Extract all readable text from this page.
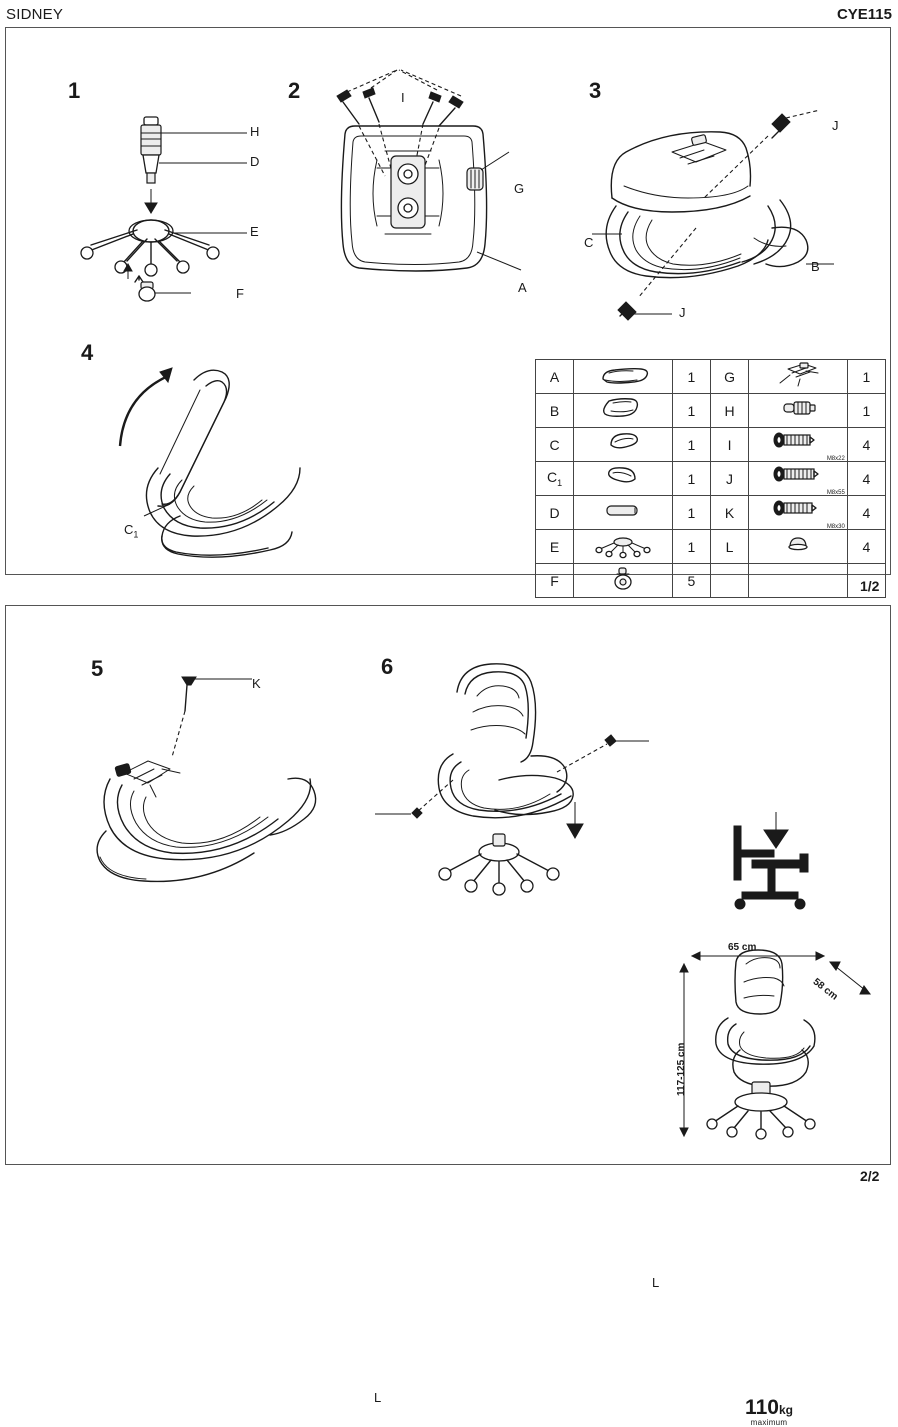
SIDNEY	CYE115
1
H
D
E
F
2	I
G
A
3
J
C
B
J
4
$C_1$
A		1	G		1
B		1	H		1
C		1	I	M8x22	4
$C_1$		1	J	M8x55	4
D		1	K	M8x30	4
E		1	L		4
F		5				1/2
5
K
6
L
L	110kg
maximum
65 cm
58 cm
117-125 cm
2/2
